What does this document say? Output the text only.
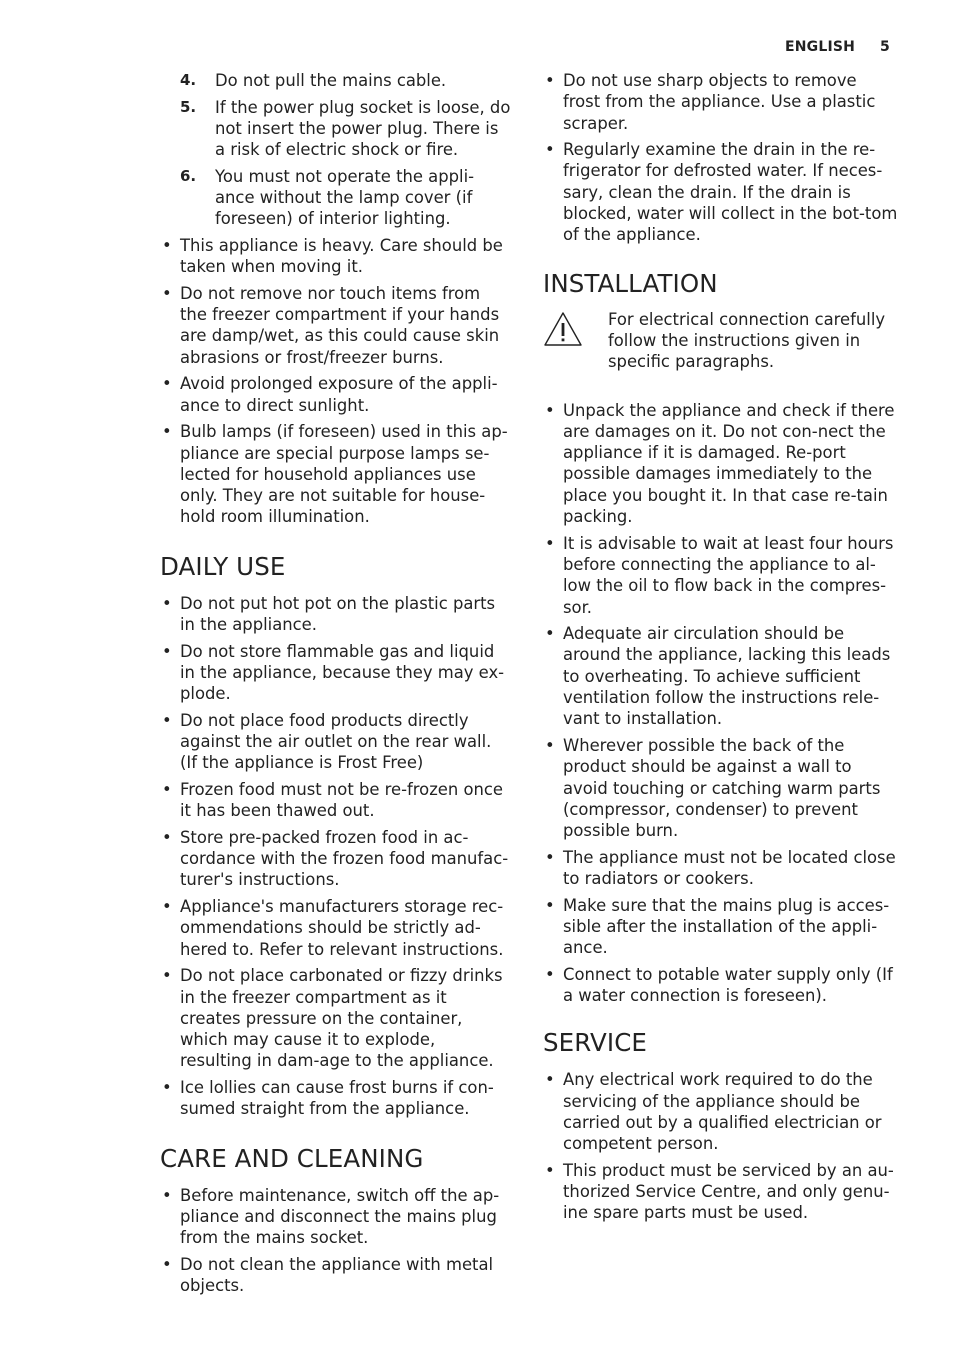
ENGLISH 5
4. Do not pull the mains cable.
5. If the power plug socket is loose, do not insert the power plug. There is a risk of electric shock or fire.
6. You must not operate the appli-ance without the lamp cover (if foreseen) of interior lighting.
• This appliance is heavy. Care should be taken when moving it.
• Do not remove nor touch items from the freezer compartment if your hands are damp/wet, as this could cause skin abrasions or frost/freezer burns.
• Avoid prolonged exposure of the appli-ance to direct sunlight.
• Bulb lamps (if foreseen) used in this ap-pliance are special purpose lamps se-lected for household appliances use only. They are not suitable for house-hold room illumination.
DAILY USE
• Do not put hot pot on the plastic parts in the appliance.
• Do not store flammable gas and liquid in the appliance, because they may ex-plode.
• Do not place food products directly against the air outlet on the rear wall. (If the appliance is Frost Free)
• Frozen food must not be re-frozen once it has been thawed out.
• Store pre-packed frozen food in ac-cordance with the frozen food manufac-turer's instructions.
• Appliance's manufacturers storage rec-ommendations should be strictly ad-hered to. Refer to relevant instructions.
• Do not place carbonated or fizzy drinks in the freezer compartment as it creates pressure on the container, which may cause it to explode, resulting in dam-age to the appliance.
• Ice lollies can cause frost burns if con-sumed straight from the appliance.
CARE AND CLEANING
• Before maintenance, switch off the ap-pliance and disconnect the mains plug from the mains socket.
• Do not clean the appliance with metal objects.
• Do not use sharp objects to remove frost from the appliance. Use a plastic scraper.
• Regularly examine the drain in the re-frigerator for defrosted water. If neces-sary, clean the drain. If the drain is blocked, water will collect in the bot-tom of the appliance.
INSTALLATION
For electrical connection carefully follow the instructions given in specific paragraphs.
• Unpack the appliance and check if there are damages on it. Do not con-nect the appliance if it is damaged. Re-port possible damages immediately to the place you bought it. In that case re-tain packing.
• It is advisable to wait at least four hours before connecting the appliance to al-low the oil to flow back in the compres-sor.
• Adequate air circulation should be around the appliance, lacking this leads to overheating. To achieve sufficient ventilation follow the instructions rele-vant to installation.
• Wherever possible the back of the product should be against a wall to avoid touching or catching warm parts (compressor, condenser) to prevent possible burn.
• The appliance must not be located close to radiators or cookers.
• Make sure that the mains plug is acces-sible after the installation of the appli-ance.
• Connect to potable water supply only (If a water connection is foreseen).
SERVICE
• Any electrical work required to do the servicing of the appliance should be carried out by a qualified electrician or competent person.
• This product must be serviced by an au-thorized Service Centre, and only genu-ine spare parts must be used.
